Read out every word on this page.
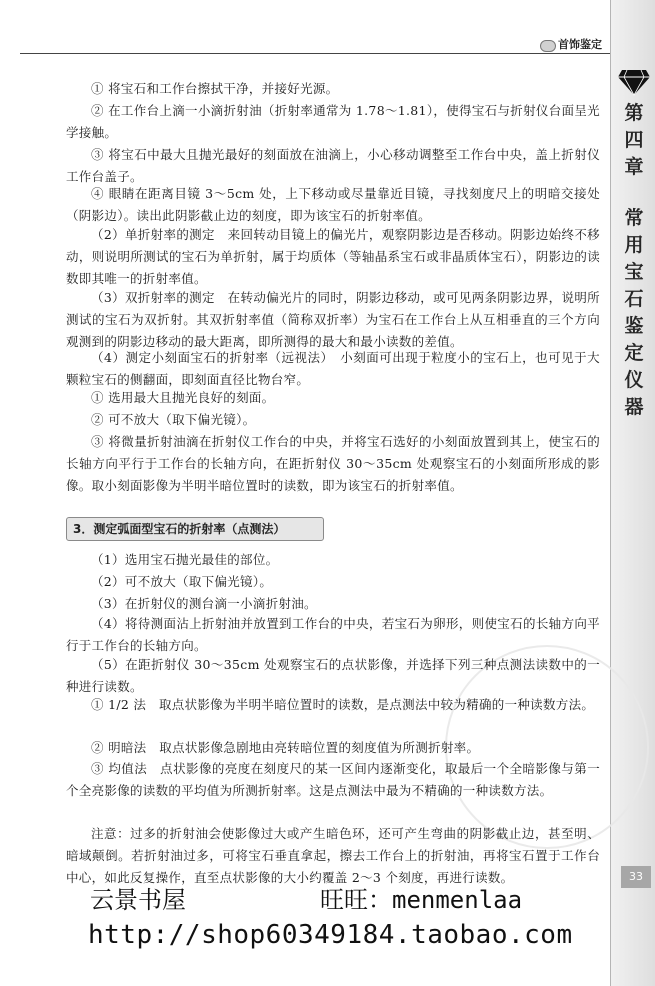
首饰鉴定
第四章
常用宝石鉴定仪器
33

① 将宝石和工作台擦拭干净，并接好光源。

② 在工作台上滴一小滴折射油（折射率通常为 1.78～1.81），使得宝石与折射仪台面呈光学接触。

③ 将宝石中最大且抛光最好的刻面放在油滴上，小心移动调整至工作台中央，盖上折射仪工作台盖子。

④ 眼睛在距离目镜 3～5cm 处，上下移动或尽量靠近目镜，寻找刻度尺上的明暗交接处（阴影边）。读出此阴影截止边的刻度，即为该宝石的折射率值。

（2）单折射率的测定　来回转动目镜上的偏光片，观察阴影边是否移动。阴影边始终不移动，则说明所测试的宝石为单折射，属于均质体（等轴晶系宝石或非晶质体宝石），阴影边的读数即其唯一的折射率值。

（3）双折射率的测定　在转动偏光片的同时，阴影边移动，或可见两条阴影边界，说明所测试的宝石为双折射。其双折射率值（简称双折率）为宝石在工作台上从互相垂直的三个方向观测到的阴影边移动的最大距离，即所测得的最大和最小读数的差值。

（4）测定小刻面宝石的折射率（远视法）　小刻面可出现于粒度小的宝石上，也可见于大颗粒宝石的侧翻面，即刻面直径比物台窄。

① 选用最大且抛光良好的刻面。

② 可不放大（取下偏光镜）。

③ 将微量折射油滴在折射仪工作台的中央，并将宝石选好的小刻面放置到其上，使宝石的长轴方向平行于工作台的长轴方向，在距折射仪 30～35cm 处观察宝石的小刻面所形成的影像。取小刻面影像为半明半暗位置时的读数，即为该宝石的折射率值。

3．测定弧面型宝石的折射率（点测法）

（1）选用宝石抛光最佳的部位。

（2）可不放大（取下偏光镜）。

（3）在折射仪的测台滴一小滴折射油。

（4）将待测面沾上折射油并放置到工作台的中央，若宝石为卵形，则使宝石的长轴方向平行于工作台的长轴方向。

（5）在距折射仪 30～35cm 处观察宝石的点状影像，并选择下列三种点测法读数中的一种进行读数。

① 1/2 法　取点状影像为半明半暗位置时的读数，是点测法中较为精确的一种读数方法。

② 明暗法　取点状影像急剧地由亮转暗位置的刻度值为所测折射率。

③ 均值法　点状影像的亮度在刻度尺的某一区间内逐渐变化，取最后一个全暗影像与第一个全亮影像的读数的平均值为所测折射率。这是点测法中最为不精确的一种读数方法。

注意：过多的折射油会使影像过大或产生暗色环，还可产生弯曲的阴影截止边，甚至明、暗域颠倒。若折射油过多，可将宝石垂直拿起，擦去工作台上的折射油，再将宝石置于工作台中心，如此反复操作，直至点状影像的大小约覆盖 2～3 个刻度，再进行读数。

云景书屋	旺旺：menmenlaa
http://shop60349184.taobao.com
